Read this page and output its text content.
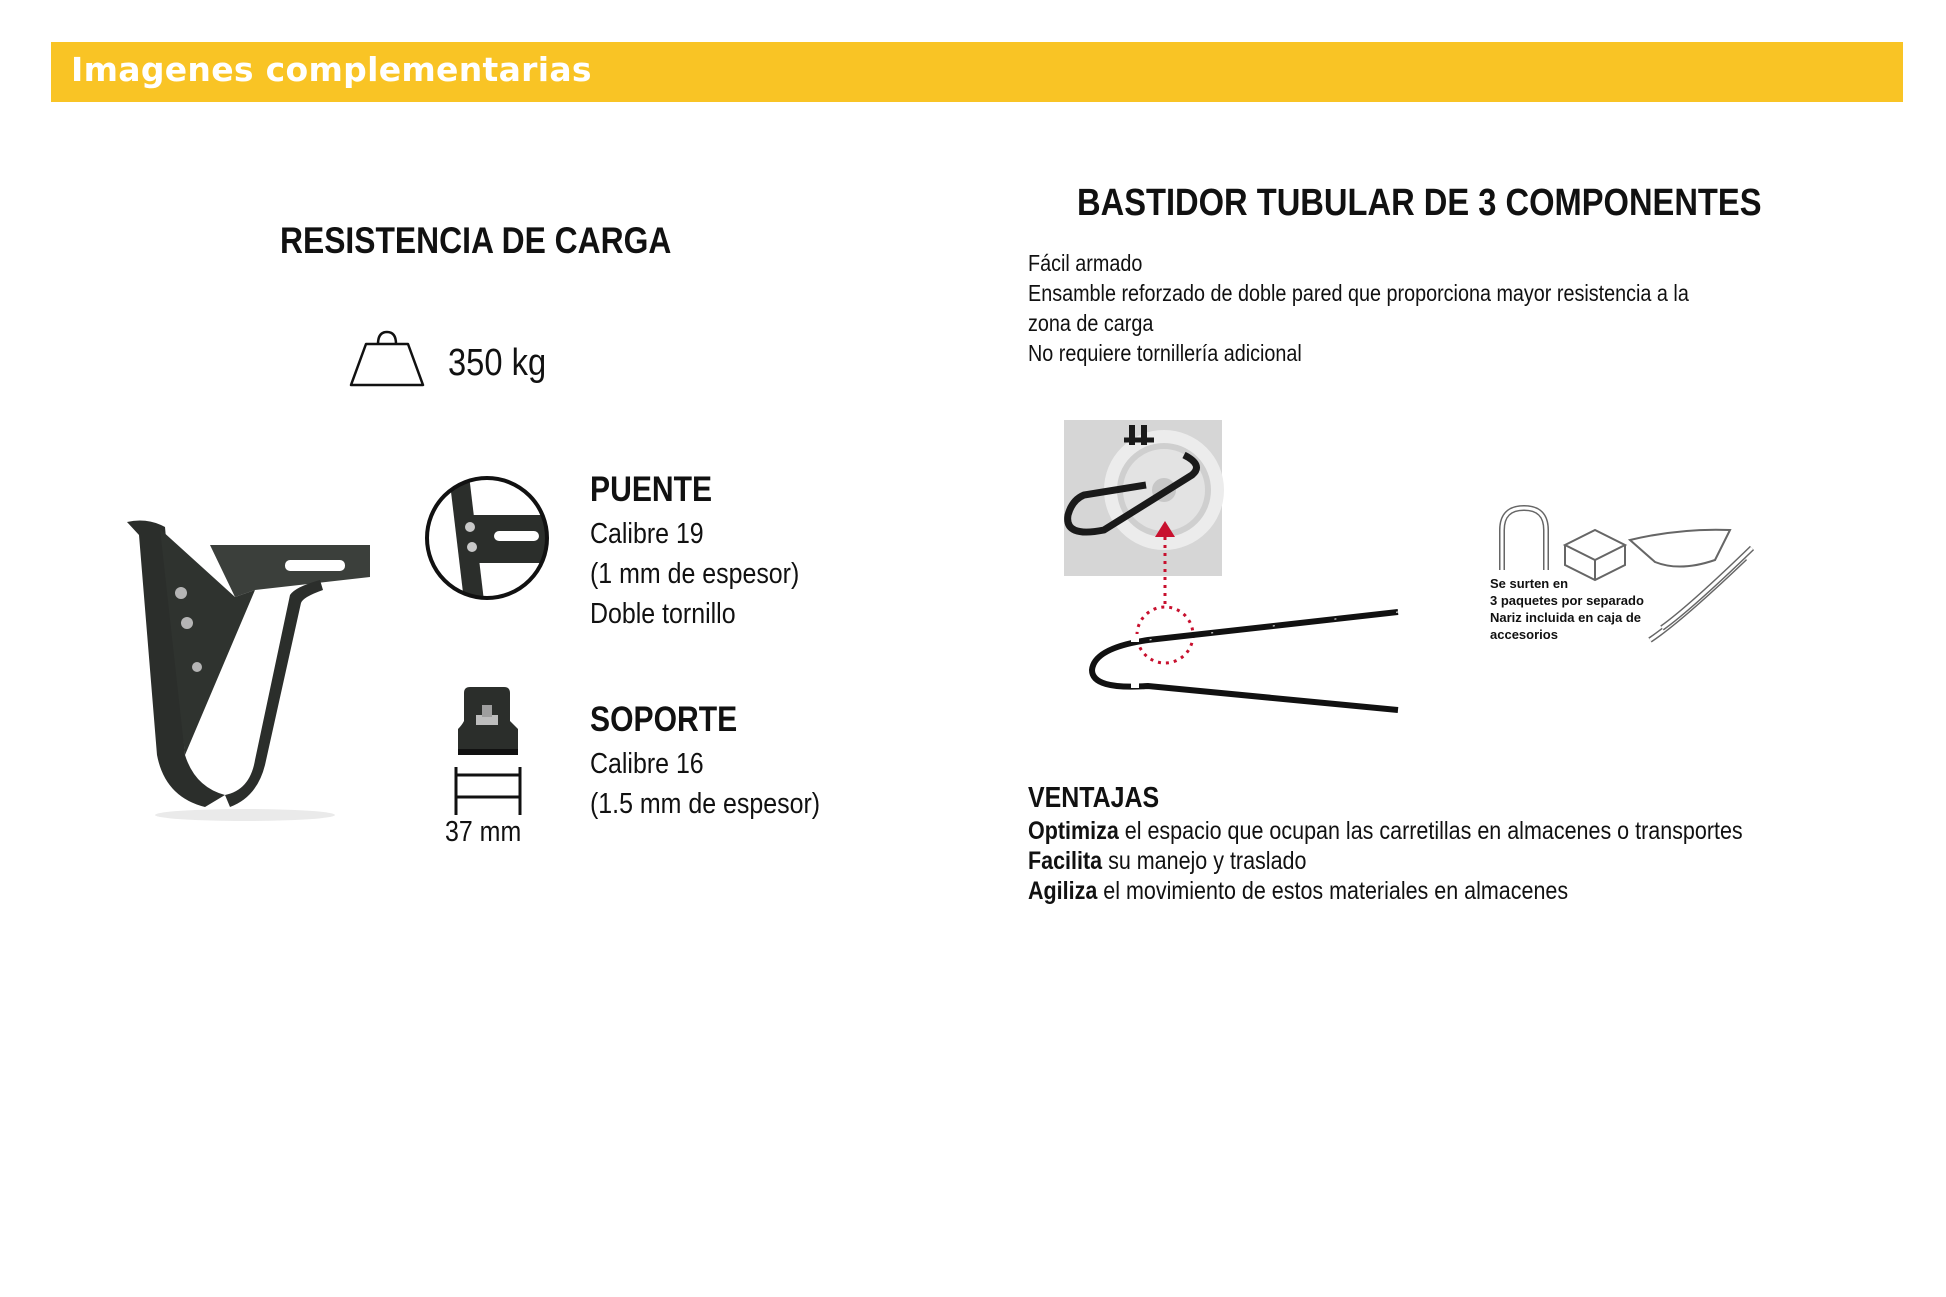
Imagenes complementarias
RESISTENCIA DE CARGA
350 kg
PUENTE
Calibre 19
(1 mm de espesor)
Doble tornillo
37 mm
SOPORTE
Calibre 16
(1.5 mm de espesor)
BASTIDOR TUBULAR DE 3 COMPONENTES
Fácil armado
Ensamble reforzado de doble pared que proporciona mayor resistencia a la
zona de carga
No requiere tornillería adicional
Se surten en
3 paquetes por separado
Nariz incluida en caja de
accesorios
VENTAJAS
Optimiza el espacio que ocupan las carretillas en almacenes o transportes
Facilita su manejo y traslado
Agiliza el movimiento de estos materiales en almacenes
